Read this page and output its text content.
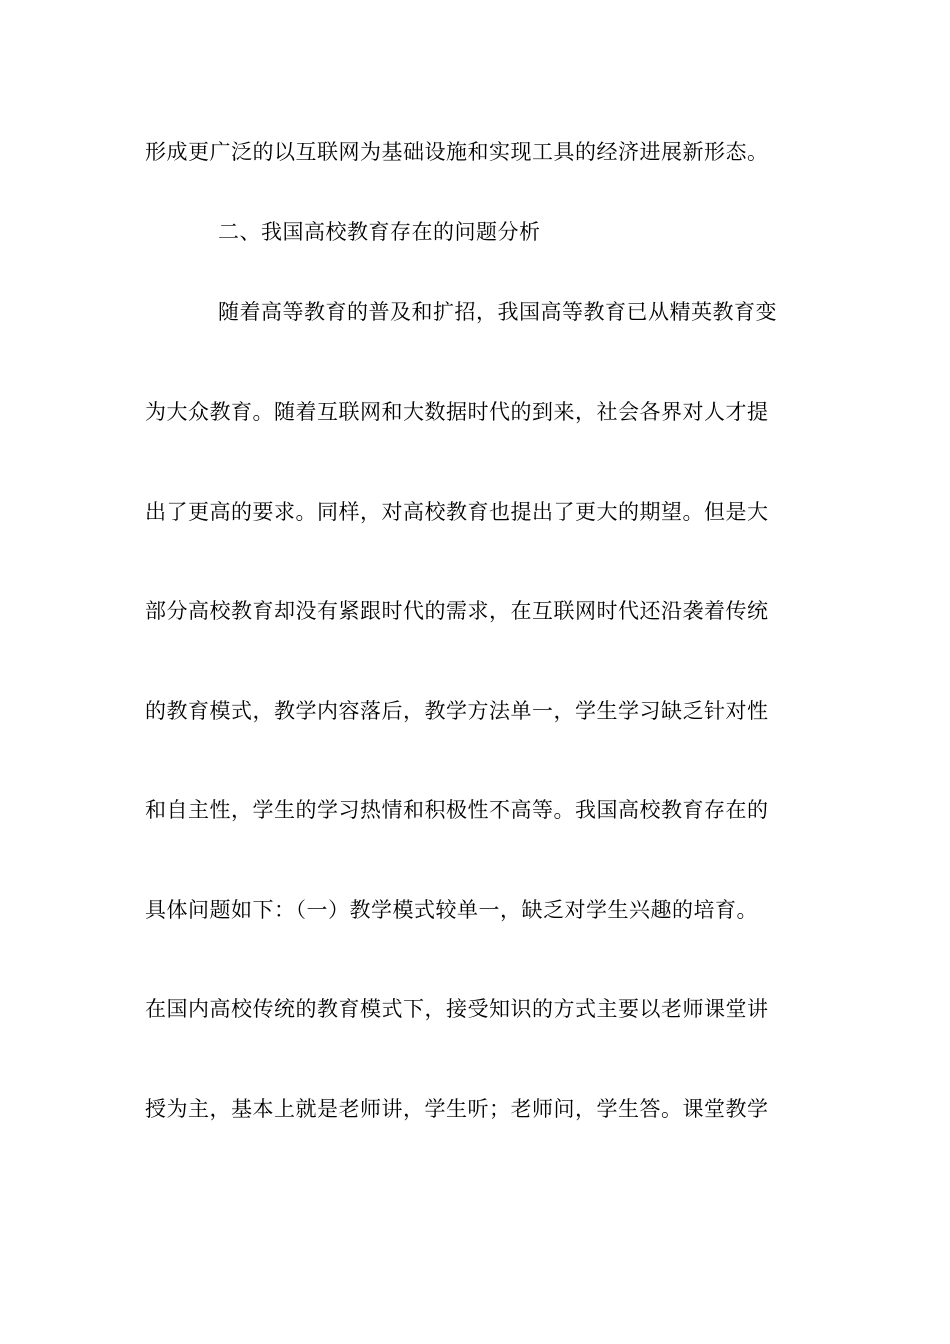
形成更广泛的以互联网为基础设施和实现工具的经济进展新形态。
二、我国高校教育存在的问题分析
随着高等教育的普及和扩招，我国高等教育已从精英教育变
为大众教育。随着互联网和大数据时代的到来，社会各界对人才提
出了更高的要求。同样，对高校教育也提出了更大的期望。但是大
部分高校教育却没有紧跟时代的需求，在互联网时代还沿袭着传统
的教育模式，教学内容落后，教学方法单一，学生学习缺乏针对性
和自主性，学生的学习热情和积极性不高等。我国高校教育存在的
具体问题如下：（一）教学模式较单一，缺乏对学生兴趣的培育。
在国内高校传统的教育模式下，接受知识的方式主要以老师课堂讲
授为主，基本上就是老师讲，学生听；老师问，学生答。课堂教学
